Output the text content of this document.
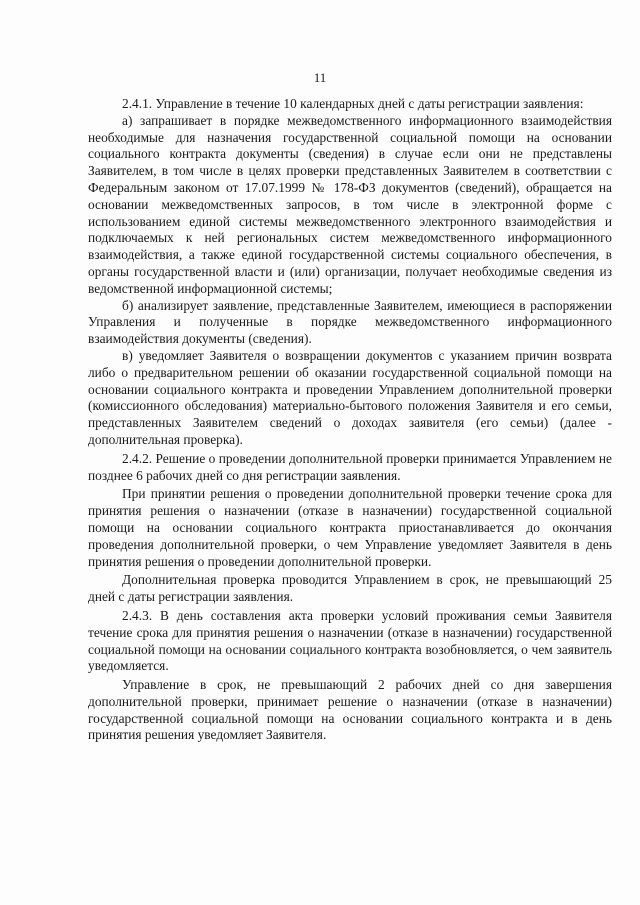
11

2.4.1. Управление в течение 10 календарных дней с даты регистрации заявления:

а) запрашивает в порядке межведомственного информационного взаимодействия необходимые для назначения государственной социальной помощи на основании социального контракта документы (сведения) в случае если они не представлены Заявителем, в том числе в целях проверки представленных Заявителем в соответствии с Федеральным законом от 17.07.1999 № 178-ФЗ документов (сведений), обращается на основании межведомственных запросов, в том числе в электронной форме с использованием единой системы межведомственного электронного взаимодействия и подключаемых к ней региональных систем межведомственного информационного взаимодействия, а также единой государственной системы социального обеспечения, в органы государственной власти и (или) организации, получает необходимые сведения из ведомственной информационной системы;

б) анализирует заявление, представленные Заявителем, имеющиеся в распоряжении Управления и полученные в порядке межведомственного информационного взаимодействия документы (сведения).

в) уведомляет Заявителя о возвращении документов с указанием причин возврата либо о предварительном решении об оказании государственной социальной помощи на основании социального контракта и проведении Управлением дополнительной проверки (комиссионного обследования) материально-бытового положения Заявителя и его семьи, представленных Заявителем сведений о доходах заявителя (его семьи) (далее - дополнительная проверка).

2.4.2. Решение о проведении дополнительной проверки принимается Управлением не позднее 6 рабочих дней со дня регистрации заявления.

При принятии решения о проведении дополнительной проверки течение срока для принятия решения о назначении (отказе в назначении) государственной социальной помощи на основании социального контракта приостанавливается до окончания проведения дополнительной проверки, о чем Управление уведомляет Заявителя в день принятия решения о проведении дополнительной проверки.

Дополнительная проверка проводится Управлением в срок, не превышающий 25 дней с даты регистрации заявления.

2.4.3. В день составления акта проверки условий проживания семьи Заявителя течение срока для принятия решения о назначении (отказе в назначении) государственной социальной помощи на основании социального контракта возобновляется, о чем заявитель уведомляется.

Управление в срок, не превышающий 2 рабочих дней со дня завершения дополнительной проверки, принимает решение о назначении (отказе в назначении) государственной социальной помощи на основании социального контракта и в день принятия решения уведомляет Заявителя.
